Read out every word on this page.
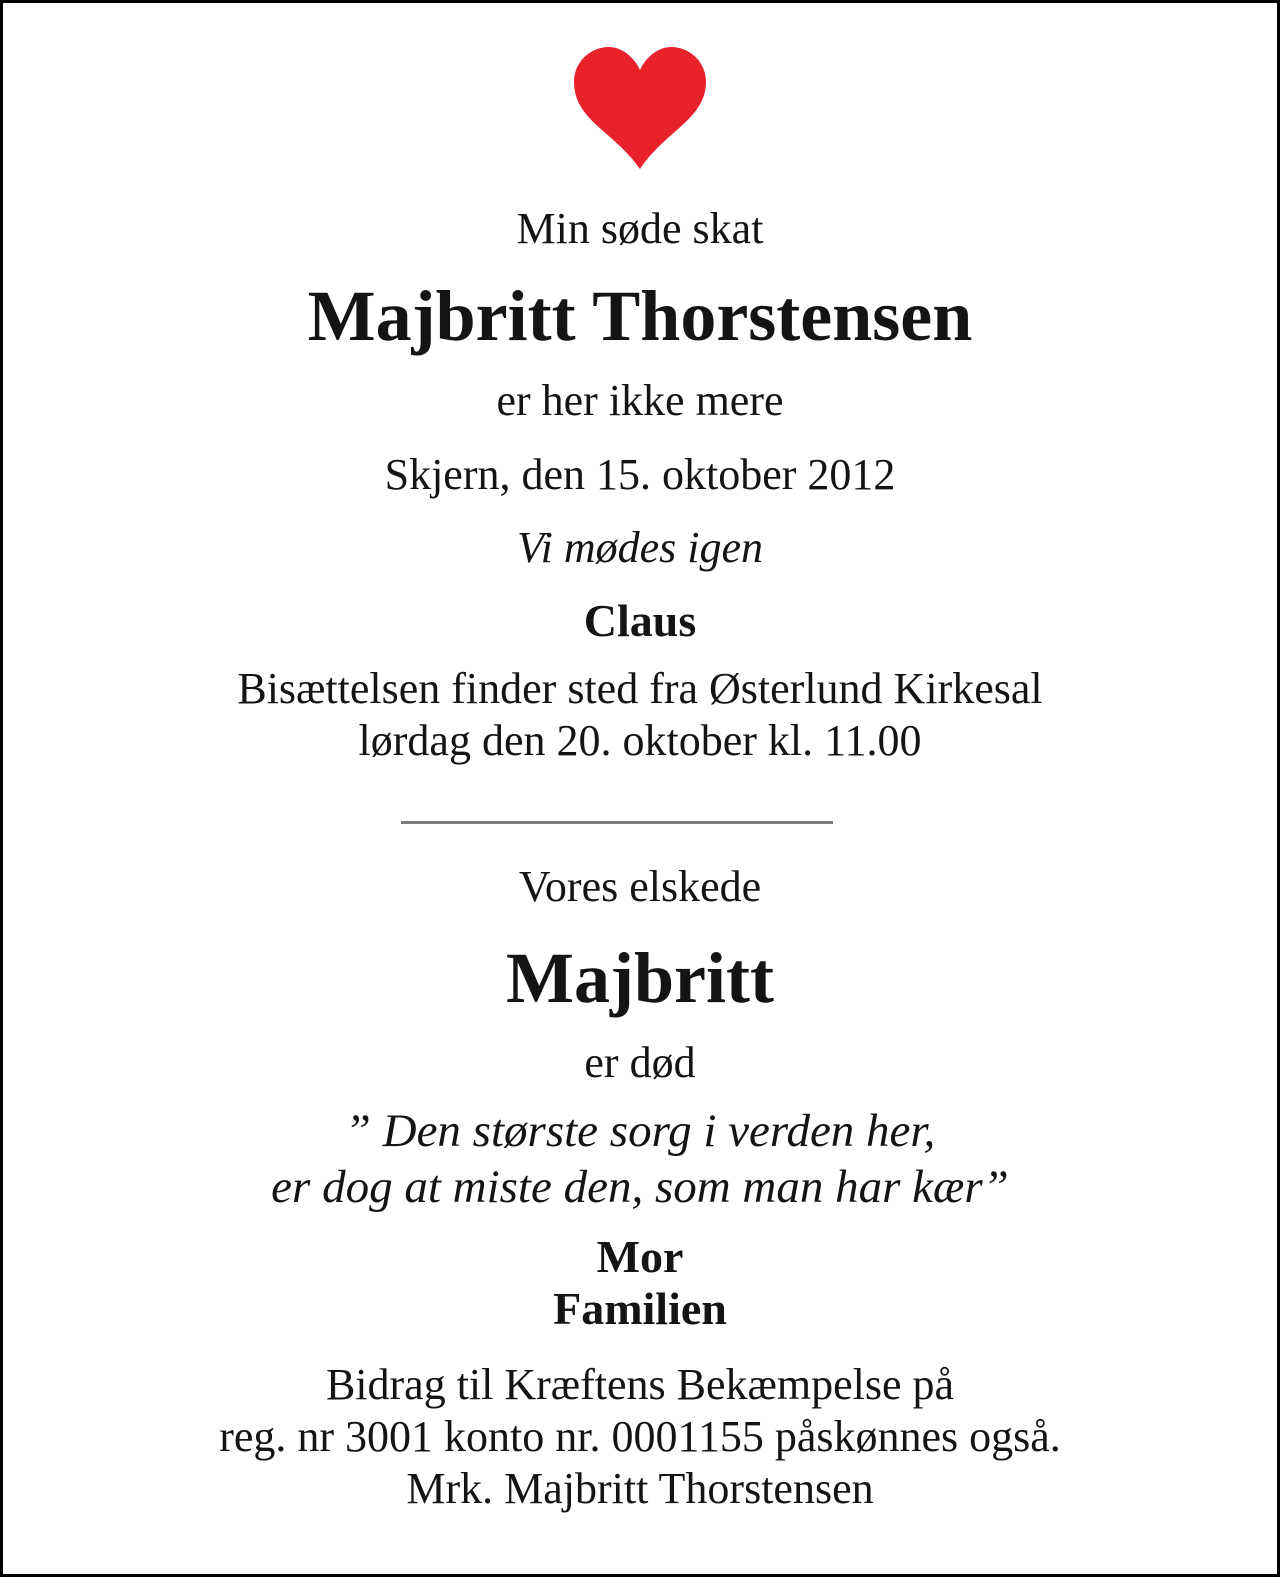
Min søde skat
Majbritt Thorstensen
er her ikke mere
Skjern, den 15. oktober 2012
Vi mødes igen
Claus
Bisættelsen finder sted fra Østerlund Kirkesal
lørdag den 20. oktober kl. 11.00
Vores elskede
Majbritt
er død
” Den største sorg i verden her,
er dog at miste den, som man har kær”
Mor
Familien
Bidrag til Kræftens Bekæmpelse på
reg. nr 3001 konto nr. 0001155 påskønnes også.
Mrk. Majbritt Thorstensen
